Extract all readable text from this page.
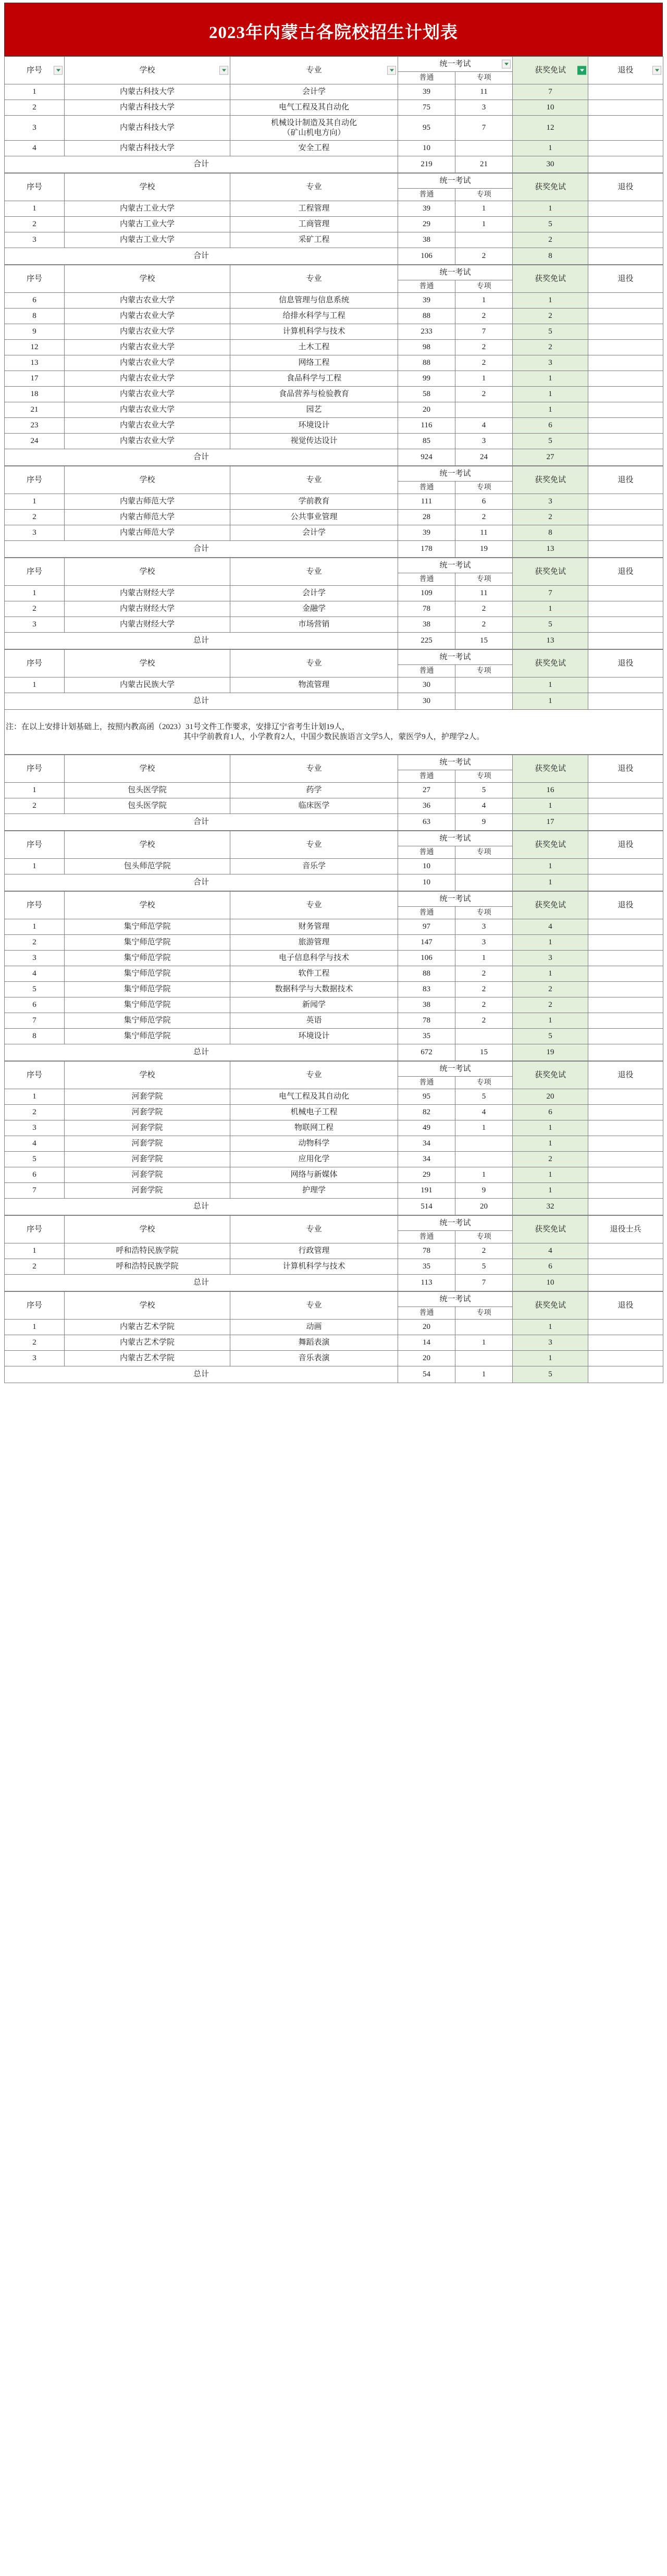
2023年内蒙古各院校招生计划表
序号	学校	专业	统一考试		获奖免试	退役

			普通	专项		
1	内蒙古科技大学	会计学	39	11	7	
2	内蒙古科技大学	电气工程及其自动化	75	3	10	
3	内蒙古科技大学	机械设计制造及其自动化
（矿山机电方向）	95	7	12	
4	内蒙古科技大学	安全工程	10		1	
合计			219	21	30	
序号	学校	专业	统一考试		获奖免试	退役
			普通	专项		
1	内蒙古工业大学	工程管理	39	1	1	
2	内蒙古工业大学	工商管理	29	1	5	
3	内蒙古工业大学	采矿工程	38		2	
合计			106	2	8	
序号	学校	专业	统一考试		获奖免试	退役
			普通	专项		
6	内蒙古农业大学	信息管理与信息系统	39	1	1	
8	内蒙古农业大学	给排水科学与工程	88	2	2	
9	内蒙古农业大学	计算机科学与技术	233	7	5	
12	内蒙古农业大学	土木工程	98	2	2	
13	内蒙古农业大学	网络工程	88	2	3	
17	内蒙古农业大学	食品科学与工程	99	1	1	
18	内蒙古农业大学	食品营养与检验教育	58	2	1	
21	内蒙古农业大学	园艺	20		1	
23	内蒙古农业大学	环境设计	116	4	6	
24	内蒙古农业大学	视觉传达设计	85	3	5	
合计			924	24	27	
序号	学校	专业	统一考试		获奖免试	退役
			普通	专项		
1	内蒙古师范大学	学前教育	111	6	3	
2	内蒙古师范大学	公共事业管理	28	2	2	
3	内蒙古师范大学	会计学	39	11	8	
合计			178	19	13	
序号	学校	专业	统一考试		获奖免试	退役
			普通	专项		
1	内蒙古财经大学	会计学	109	11	7	
2	内蒙古财经大学	金融学	78	2	1	
3	内蒙古财经大学	市场营销	38	2	5	
总计			225	15	13	
序号	学校	专业	统一考试		获奖免试	退役
			普通	专项		
1	内蒙古民族大学	物流管理	30		1	
总计			30		1	

注：在以上安排计划基础上，按照内教高函（2023）31号文件工作要求，安排辽宁省考生计划19人，
其中学前教育1人，小学教育2人，中国少数民族语言文学5人，蒙医学9人，护理学2人。						
序号	学校	专业	统一考试		获奖免试	退役
			普通	专项		
1	包头医学院	药学	27	5	16	
2	包头医学院	临床医学	36	4	1	
合计			63	9	17	
序号	学校	专业	统一考试		获奖免试	退役
			普通	专项		
1	包头师范学院	音乐学	10		1	
合计			10		1	
序号	学校	专业	统一考试		获奖免试	退役
			普通	专项		
1	集宁师范学院	财务管理	97	3	4	
2	集宁师范学院	旅游管理	147	3	1	
3	集宁师范学院	电子信息科学与技术	106	1	3	
4	集宁师范学院	软件工程	88	2	1	
5	集宁师范学院	数据科学与大数据技术	83	2	2	
6	集宁师范学院	新闻学	38	2	2	
7	集宁师范学院	英语	78	2	1	
8	集宁师范学院	环境设计	35		5	
总计			672	15	19	
序号	学校	专业	统一考试		获奖免试	退役
			普通	专项		
1	河套学院	电气工程及其自动化	95	5	20	
2	河套学院	机械电子工程	82	4	6	
3	河套学院	物联网工程	49	1	1	
4	河套学院	动物科学	34		1	
5	河套学院	应用化学	34		2	
6	河套学院	网络与新媒体	29	1	1	
7	河套学院	护理学	191	9	1	
总计			514	20	32	
序号	学校	专业	统一考试		获奖免试	退役士兵
			普通	专项		
1	呼和浩特民族学院	行政管理	78	2	4	
2	呼和浩特民族学院	计算机科学与技术	35	5	6	
总计			113	7	10	
序号	学校	专业	统一考试		获奖免试	退役
			普通	专项		
1	内蒙古艺术学院	动画	20		1	
2	内蒙古艺术学院	舞蹈表演	14	1	3	
3	内蒙古艺术学院	音乐表演	20		1	
总计			54	1	5	
